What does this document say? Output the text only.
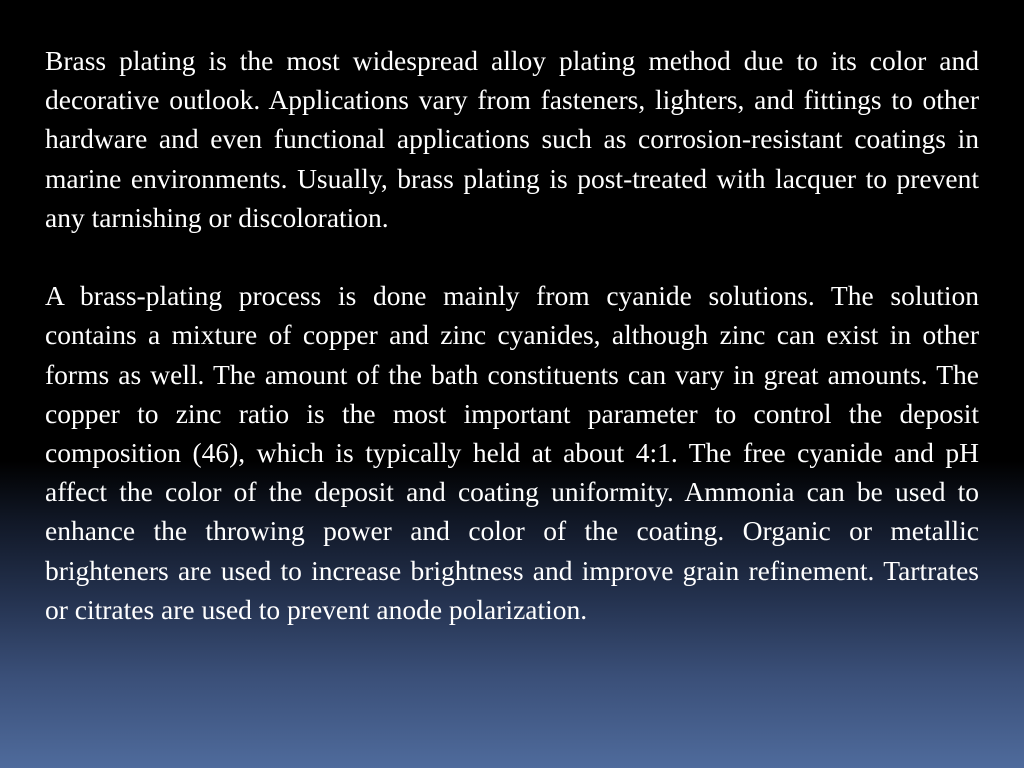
Brass plating is the most widespread alloy plating method due to its color and decorative outlook. Applications vary from fasteners, lighters, and fittings to other hardware and even functional applications such as corrosion-resistant coatings in marine environments. Usually, brass plating is post-treated with lacquer to prevent any tarnishing or discoloration.

A brass-plating process is done mainly from cyanide solutions. The solution contains a mixture of copper and zinc cyanides, although zinc can exist in other forms as well. The amount of the bath constituents can vary in great amounts. The copper to zinc ratio is the most important parameter to control the deposit composition (46), which is typically held at about 4:1. The free cyanide and pH affect the color of the deposit and coating uniformity. Ammonia can be used to enhance the throwing power and color of the coating. Organic or metallic brighteners are used to increase brightness and improve grain refinement. Tartrates or citrates are used to prevent anode polarization.
